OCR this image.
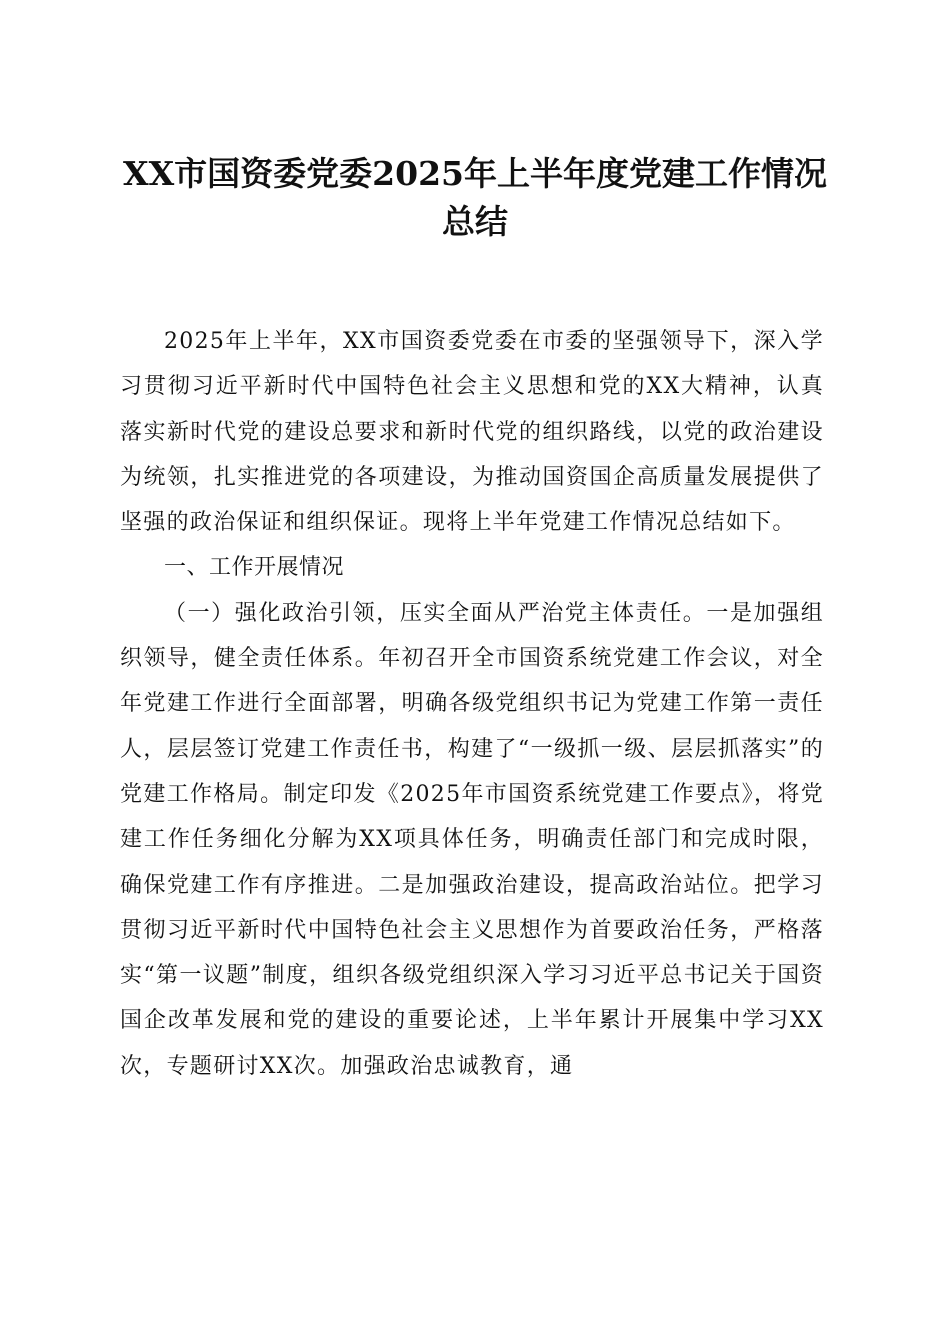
XX市国资委党委2025年上半年度党建工作情况总结

2025年上半年，XX市国资委党委在市委的坚强领导下，深入学习贯彻习近平新时代中国特色社会主义思想和党的XX大精神，认真落实新时代党的建设总要求和新时代党的组织路线，以党的政治建设为统领，扎实推进党的各项建设，为推动国资国企高质量发展提供了坚强的政治保证和组织保证。现将上半年党建工作情况总结如下。

一、工作开展情况

（一）强化政治引领，压实全面从严治党主体责任。一是加强组织领导，健全责任体系。年初召开全市国资系统党建工作会议，对全年党建工作进行全面部署，明确各级党组织书记为党建工作第一责任人，层层签订党建工作责任书，构建了“一级抓一级、层层抓落实”的党建工作格局。制定印发《2025年市国资系统党建工作要点》，将党建工作任务细化分解为XX项具体任务，明确责任部门和完成时限，确保党建工作有序推进。二是加强政治建设，提高政治站位。把学习贯彻习近平新时代中国特色社会主义思想作为首要政治任务，严格落实“第一议题”制度，组织各级党组织深入学习习近平总书记关于国资国企改革发展和党的建设的重要论述，上半年累计开展集中学习XX次，专题研讨XX次。加强政治忠诚教育，通
